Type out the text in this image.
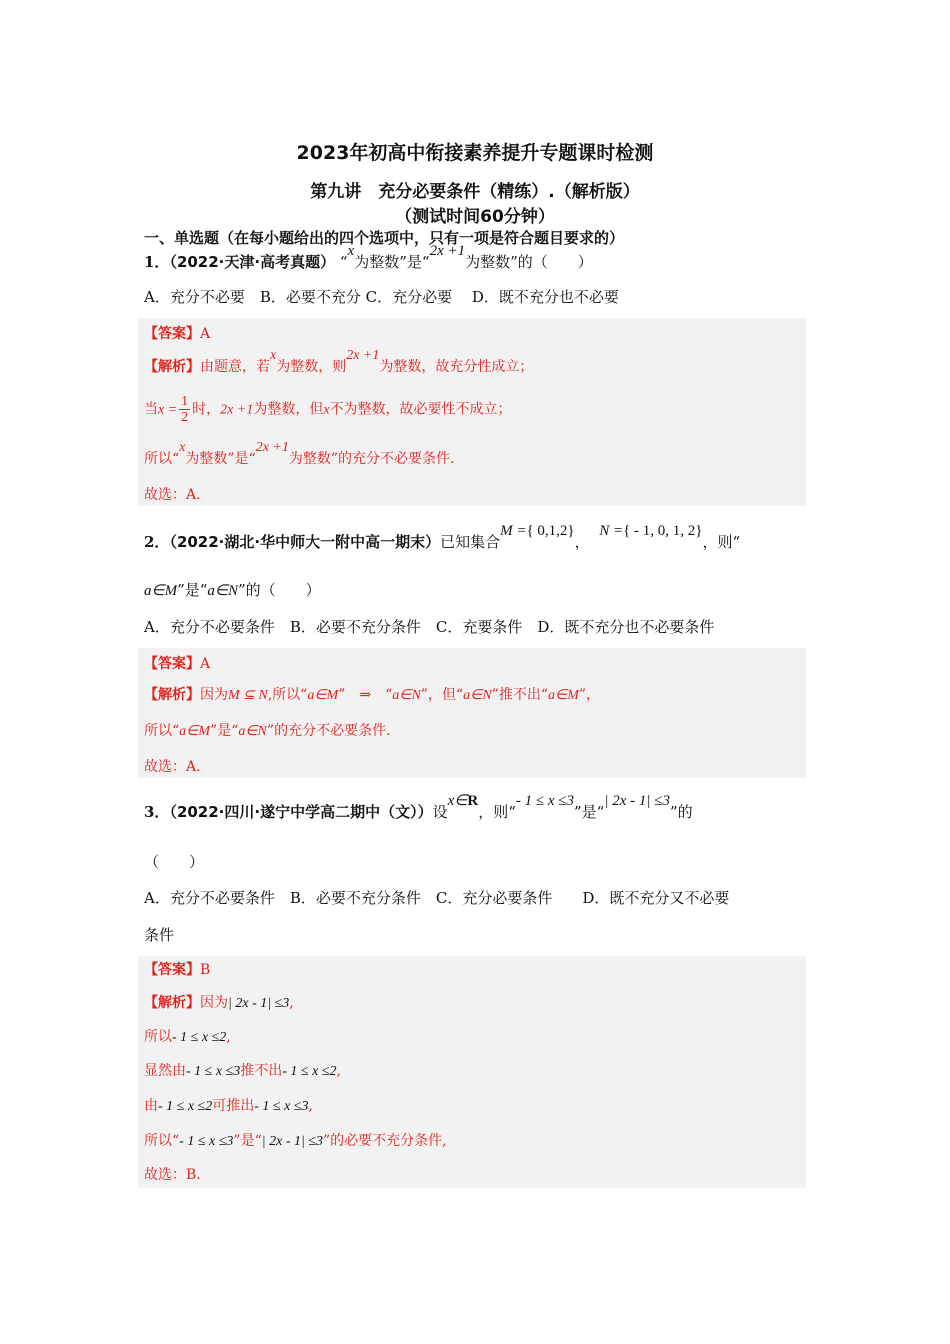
2023年初高中衔接素养提升专题课时检测
第九讲　充分必要条件（精练）.（解析版）
（测试时间60分钟）
一、单选题（在每小题给出的四个选项中，只有一项是符合题目要求的）
1．（2022·天津·高考真题） “x为整数”是“2x +1为整数”的（　　）
A．充分不必要　B．必要不充分 C．充分必要　 D．既不充分也不必要
【答案】A
【解析】由题意，若x为整数，则2x +1为整数，故充分性成立；
当$x = \frac{1}{2}$ 时，2x +1为整数，但x不为整数，故必要性不成立；
所以“x为整数”是“2x +1为整数”的充分不必要条件.
故选：A.
2．（2022·湖北·华中师大一附中高一期末）已知集合M ={ 0,1,2}，  N ={ - 1, 0, 1, 2}，则“
a∈M”是“a∈N”的（　　）
A．充分不必要条件　B．必要不充分条件　C．充要条件　D．既不充分也不必要条件
【答案】A
【解析】因为M ⊆ N,所以“a∈M”　⇒　“a∈N”，但“a∈N”推不出“a∈M”，
所以“a∈M”是“a∈N”的充分不必要条件.
故选：A.
3．（2022·四川·遂宁中学高二期中（文））设x∈R，则“- 1 ≤ x ≤3”是“| 2x - 1| ≤3”的
（　　）
A．充分不必要条件　B．必要不充分条件　C．充分必要条件　　D．既不充分又不必要
条件
【答案】B
【解析】因为| 2x - 1| ≤3,
所以- 1 ≤ x ≤2,
显然由- 1 ≤ x ≤3推不出- 1 ≤ x ≤2,
由- 1 ≤ x ≤2可推出- 1 ≤ x ≤3,
所以“- 1 ≤ x ≤3”是“| 2x - 1| ≤3”的必要不充分条件,
故选：B.
